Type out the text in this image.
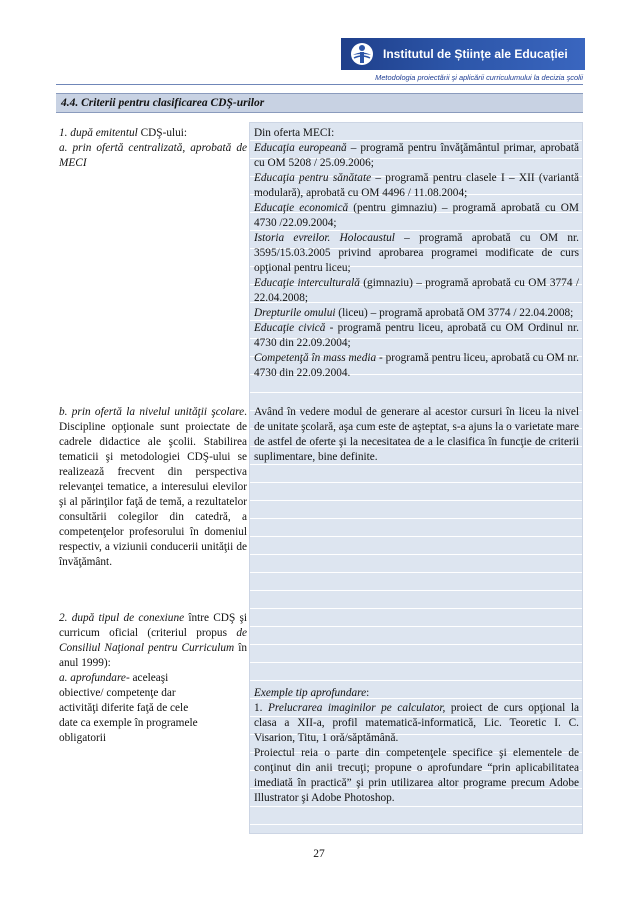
Institutul de Științe ale Educației
Metodologia proiectării şi aplicării curriculumului la decizia şcolii
4.4. Criterii pentru clasificarea CDŞ-urilor

1. după emitentul CDŞ-ului:

a. prin ofertă centralizată, aprobată de MECI

Din oferta MECI:

Educaţia europeană – programă pentru învăţământul primar, aprobată cu OM 5208 / 25.09.2006;

Educaţia pentru sănătate – programă pentru clasele I – XII (variantă modulară), aprobată cu OM 4496 / 11.08.2004;

Educaţie economică (pentru gimnaziu) – programă aprobată cu OM 4730 /22.09.2004;

Istoria evreilor. Holocaustul – programă aprobată cu OM nr. 3595/15.03.2005 privind aprobarea programei modificate de curs opţional pentru liceu;

Educaţie interculturală (gimnaziu) – programă aprobată cu OM 3774 / 22.04.2008;

Drepturile omului (liceu) – programă aprobată OM 3774 / 22.04.2008;

Educaţie civică - programă pentru liceu, aprobată cu OM Ordinul nr. 4730 din 22.09.2004;

Competenţă în mass media - programă pentru liceu, aprobată cu OM nr. 4730 din 22.09.2004.

b. prin ofertă la nivelul unităţii şcolare. Discipline opţionale sunt proiectate de cadrele didactice ale şcolii. Stabilirea tematicii şi metodologiei CDŞ-ului se realizează frecvent din perspectiva relevanţei tematice, a interesului elevilor şi al părinţilor faţă de temă, a rezultatelor consultării colegilor din catedră, a competenţelor profesorului în domeniul respectiv, a viziunii conducerii unităţii de învăţământ.

Având în vedere modul de generare al acestor cursuri în liceu la nivel de unitate şcolară, aşa cum este de aşteptat, s-a ajuns la o varietate mare de astfel de oferte şi la necesitatea de a le clasifica în funcţie de criterii suplimentare, bine definite.

2. după tipul de conexiune între CDŞ şi curricum oficial (criteriul propus de Consiliul Naţional pentru Curriculum în anul 1999):

a. aprofundare- aceleaşi obiective/ competenţe dar activităţi diferite faţă de cele date ca exemple în programele obligatorii

Exemple tip aprofundare:

1. Prelucrarea imaginilor pe calculator, proiect de curs opţional la clasa a XII-a, profil matematică-informatică, Lic. Teoretic I. C. Visarion, Titu, 1 oră/săptămână.

Proiectul reia o parte din competenţele specifice şi elementele de conţinut din anii trecuţi; propune o aprofundare “prin aplicabilitatea imediată în practică” şi prin utilizarea altor programe precum Adobe Illustrator şi Adobe Photoshop.

27
